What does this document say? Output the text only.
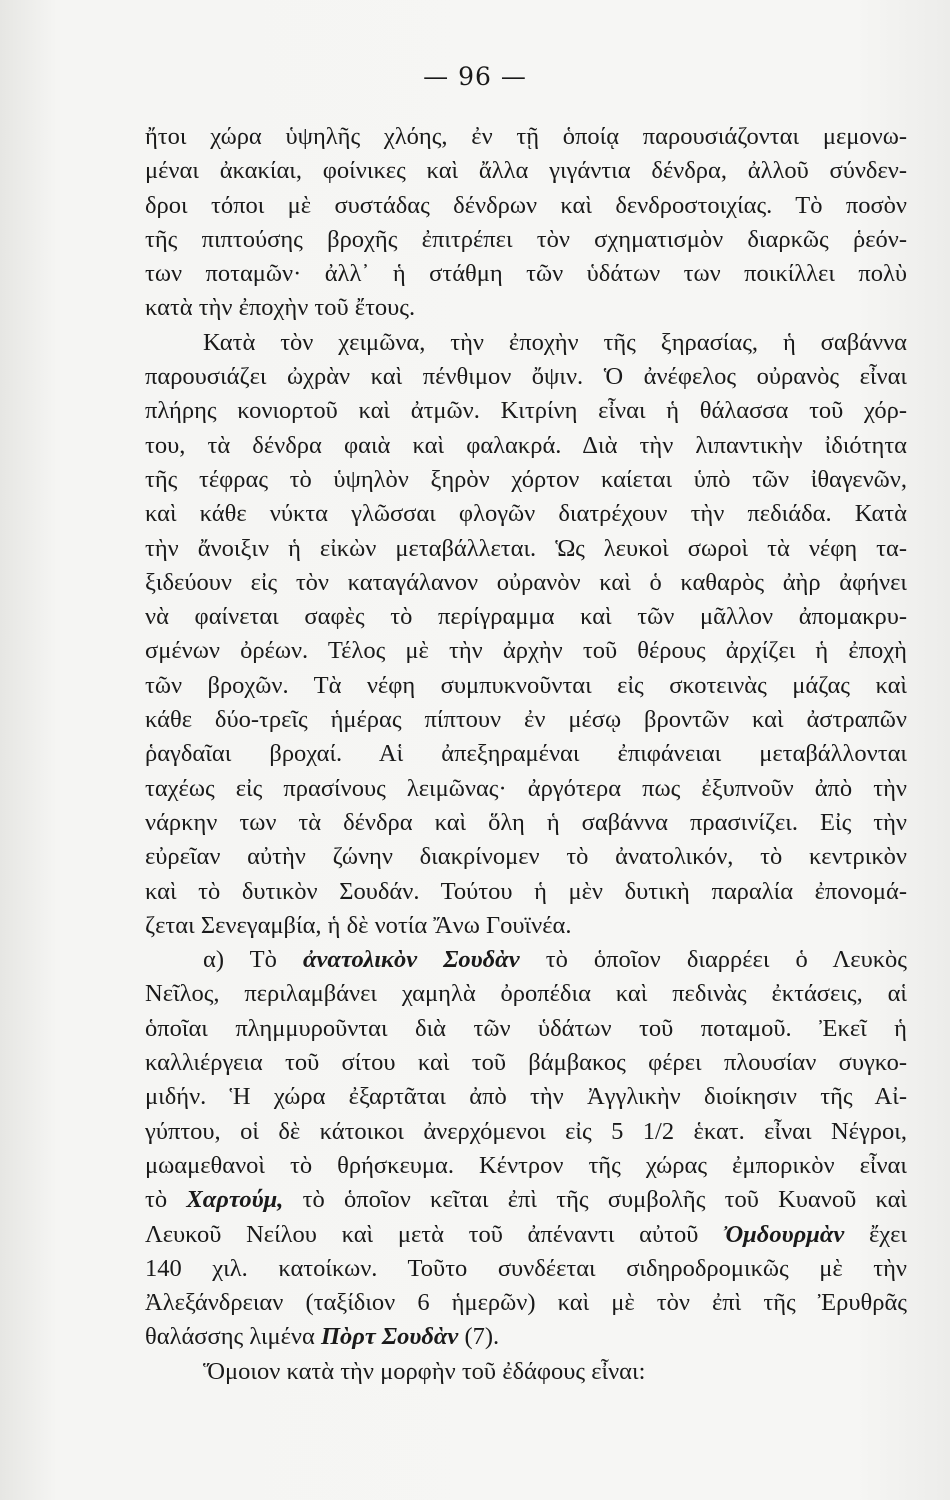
— 96 —
ἤτοι χώρα ὑψηλῆς χλόης, ἐν τῇ ὁποίᾳ παρουσιάζονται μεμονω-
μέναι ἀκακίαι, φοίνικες καὶ ἄλλα γιγάντια δένδρα, ἀλλοῦ σύνδεν-
δροι τόποι μὲ συστάδας δένδρων καὶ δενδροστοιχίας. Τὸ ποσὸν
τῆς πιπτούσης βροχῆς ἐπιτρέπει τὸν σχηματισμὸν διαρκῶς ῥεόν-
των ποταμῶν· ἀλλ᾽ ἡ στάθμη τῶν ὑδάτων των ποικίλλει πολὺ
κατὰ τὴν ἐποχὴν τοῦ ἔτους.
Κατὰ τὸν χειμῶνα, τὴν ἐποχὴν τῆς ξηρασίας, ἡ σαβάννα
παρουσιάζει ὠχρὰν καὶ πένθιμον ὄψιν. Ὁ ἀνέφελος οὐρανὸς εἶναι
πλήρης κονιορτοῦ καὶ ἀτμῶν. Κιτρίνη εἶναι ἡ θάλασσα τοῦ χόρ-
του, τὰ δένδρα φαιὰ καὶ φαλακρά. Διὰ τὴν λιπαντικὴν ἰδιότητα
τῆς τέφρας τὸ ὑψηλὸν ξηρὸν χόρτον καίεται ὑπὸ τῶν ἰθαγενῶν,
καὶ κάθε νύκτα γλῶσσαι φλογῶν διατρέχουν τὴν πεδιάδα. Κατὰ
τὴν ἄνοιξιν ἡ εἰκὼν μεταβάλλεται. Ὡς λευκοὶ σωροὶ τὰ νέφη τα-
ξιδεύουν εἰς τὸν καταγάλανον οὐρανὸν καὶ ὁ καθαρὸς ἀὴρ ἀφήνει
νὰ φαίνεται σαφὲς τὸ περίγραμμα καὶ τῶν μᾶλλον ἀπομακρυ-
σμένων ὀρέων. Τέλος μὲ τὴν ἀρχὴν τοῦ θέρους ἀρχίζει ἡ ἐποχὴ
τῶν βροχῶν. Τὰ νέφη συμπυκνοῦνται εἰς σκοτεινὰς μάζας καὶ
κάθε δύο-τρεῖς ἡμέρας πίπτουν ἐν μέσῳ βροντῶν καὶ ἀστραπῶν
ῥαγδαῖαι βροχαί. Αἱ ἀπεξηραμέναι ἐπιφάνειαι μεταβάλλονται
ταχέως εἰς πρασίνους λειμῶνας· ἀργότερα πως ἐξυπνοῦν ἀπὸ τὴν
νάρκην των τὰ δένδρα καὶ ὅλη ἡ σαβάννα πρασινίζει. Εἰς τὴν
εὐρεῖαν αὐτὴν ζώνην διακρίνομεν τὸ ἀνατολικόν, τὸ κεντρικὸν
καὶ τὸ δυτικὸν Σουδάν. Τούτου ἡ μὲν δυτικὴ παραλία ἐπονομά-
ζεται Σενεγαμβία, ἡ δὲ νοτία Ἄνω Γουϊνέα.
α) Τὸ ἀνατολικὸν Σουδὰν τὸ ὁποῖον διαρρέει ὁ Λευκὸς
Νεῖλος, περιλαμβάνει χαμηλὰ ὀροπέδια καὶ πεδινὰς ἐκτάσεις, αἱ
ὁποῖαι πλημμυροῦνται διὰ τῶν ὑδάτων τοῦ ποταμοῦ. Ἐκεῖ ἡ
καλλιέργεια τοῦ σίτου καὶ τοῦ βάμβακος φέρει πλουσίαν συγκο-
μιδήν. Ἡ χώρα ἐξαρτᾶται ἀπὸ τὴν Ἀγγλικὴν διοίκησιν τῆς Αἰ-
γύπτου, οἱ δὲ κάτοικοι ἀνερχόμενοι εἰς 5 1/2 ἑκατ. εἶναι Νέγροι,
μωαμεθανοὶ τὸ θρήσκευμα. Κέντρον τῆς χώρας ἐμπορικὸν εἶναι
τὸ Χαρτούμ, τὸ ὁποῖον κεῖται ἐπὶ τῆς συμβολῆς τοῦ Κυανοῦ καὶ
Λευκοῦ Νείλου καὶ μετὰ τοῦ ἀπέναντι αὐτοῦ Ὀμδουρμὰν ἔχει
140 χιλ. κατοίκων. Τοῦτο συνδέεται σιδηροδρομικῶς μὲ τὴν
Ἀλεξάνδρειαν (ταξίδιον 6 ἡμερῶν) καὶ μὲ τὸν ἐπὶ τῆς Ἐρυθρᾶς
θαλάσσης λιμένα Πὸρτ Σουδὰν (7).
Ὅμοιον κατὰ τὴν μορφὴν τοῦ ἐδάφους εἶναι:
